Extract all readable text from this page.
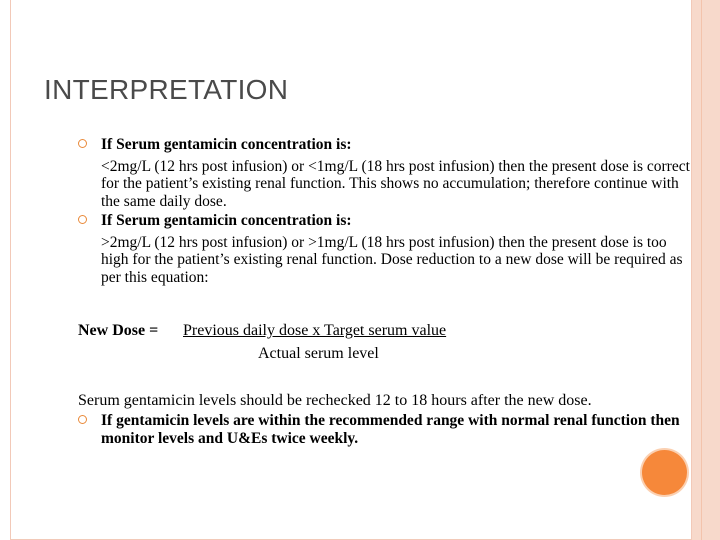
INTERPRETATION
If Serum gentamicin concentration is:
<2mg/L (12 hrs post infusion) or <1mg/L (18 hrs post infusion) then the present dose is correct for the patient’s existing renal function. This shows no accumulation; therefore continue with the same daily dose.
If Serum gentamicin concentration is:
>2mg/L (12 hrs post infusion) or >1mg/L (18 hrs post infusion) then the present dose is too high for the patient’s existing renal function. Dose reduction to a new dose will be required as per this equation:
New Dose = Previous daily dose x Target serum value
Actual serum level
Serum gentamicin levels should be rechecked 12 to 18 hours after the new dose.
If gentamicin levels are within the recommended range with normal renal function then monitor levels and U&Es twice weekly.
